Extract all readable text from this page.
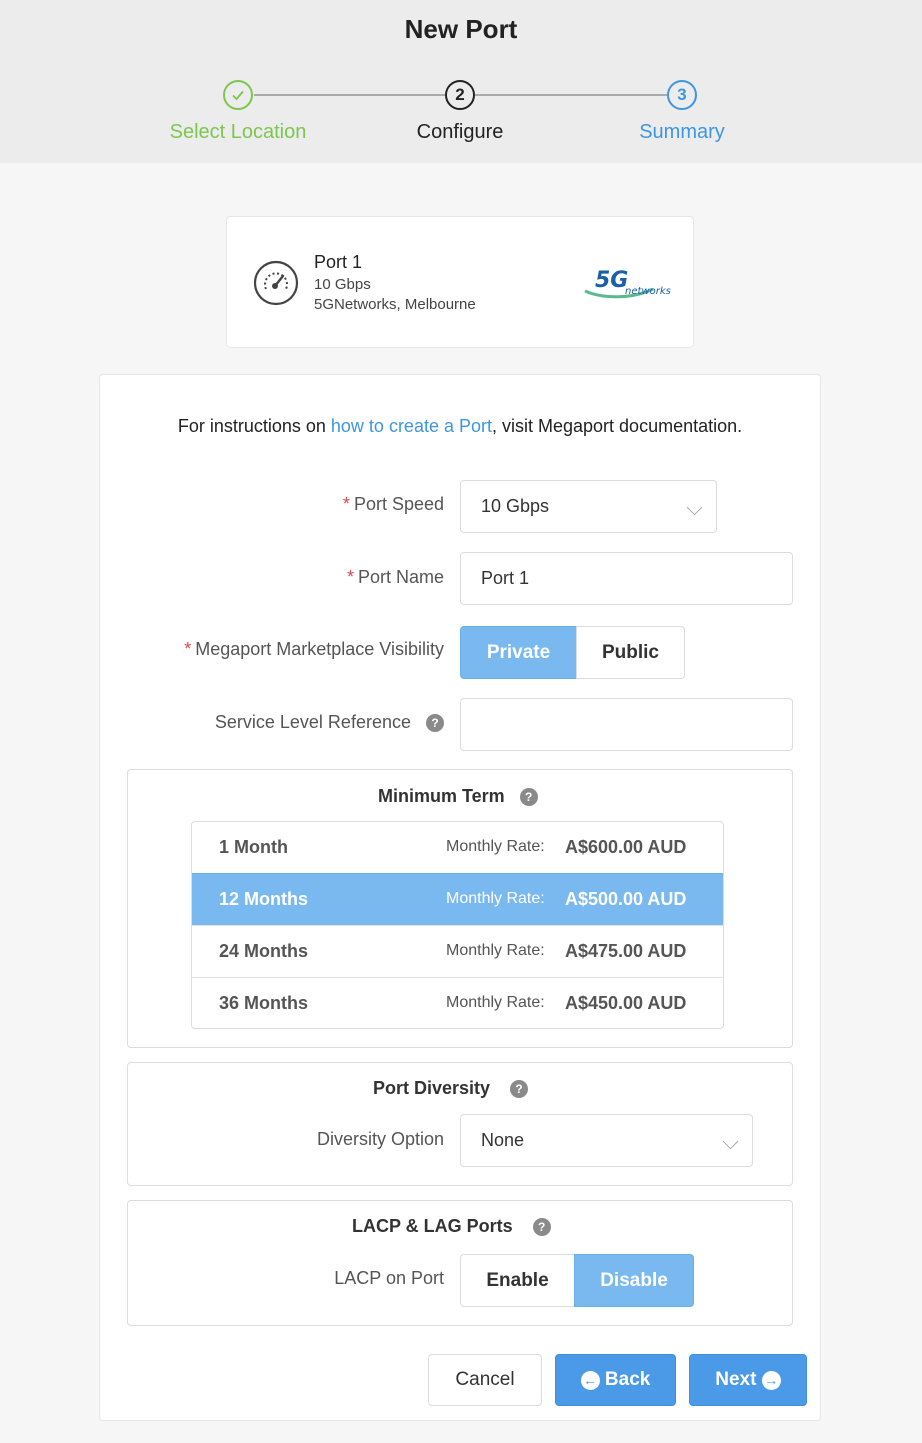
New Port
2	3
Select Location	Configure	Summary
Port 1
10 Gbps
5GNetworks, Melbourne
5G
networks
For instructions on how to create a Port, visit Megaport documentation.
* Port Speed 10 Gbps
* Port Name Port 1
* Megaport Marketplace Visibility	Private	Public
Service Level Reference ?
Minimum Term ?
1 Month	Monthly Rate: A$600.00 AUD
12 Months	Monthly Rate: A$500.00 AUD
24 Months	Monthly Rate: A$475.00 AUD
36 Months	Monthly Rate: A$450.00 AUD
Port Diversity ?
Diversity Option None
LACP & LAG Ports ?
LACP on Port	Enable	Disable
Cancel	←
Back	Next
→
